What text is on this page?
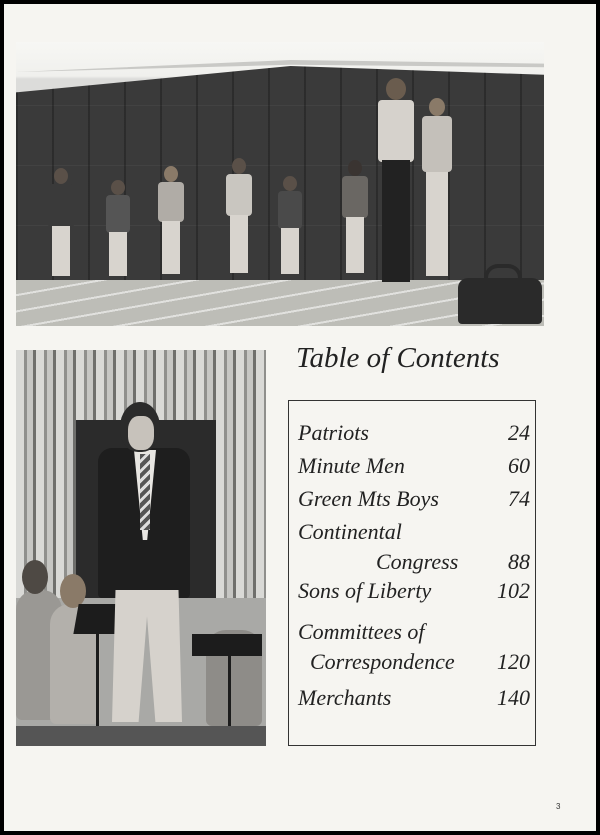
Table of Contents
Patriots	24
Minute Men	60
Green Mts Boys	74
Continental
Congress	88
Sons of Liberty	102
Committees of
Correspondence	120
Merchants	140
3
